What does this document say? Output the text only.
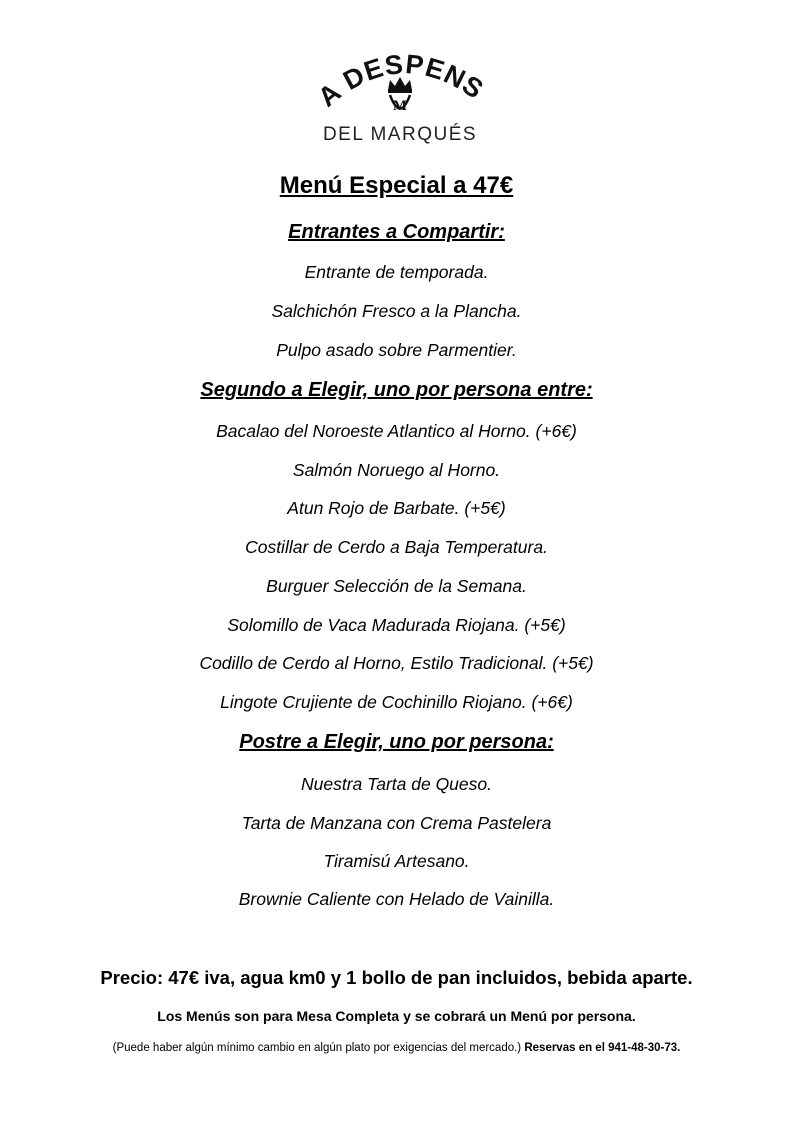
A DESPENS
M
DEL MARQUÉS
Menú Especial a 47€
Entrantes a Compartir:
Entrante de temporada.
Salchichón Fresco a la Plancha.
Pulpo asado sobre Parmentier.
Segundo a Elegir, uno por persona entre:
Bacalao del Noroeste Atlantico al Horno. (+6€)
Salmón Noruego al Horno.
Atun Rojo de Barbate. (+5€)
Costillar de Cerdo a Baja Temperatura.
Burguer Selección de la Semana.
Solomillo de Vaca Madurada Riojana. (+5€)
Codillo de Cerdo al Horno, Estilo Tradicional. (+5€)
Lingote Crujiente de Cochinillo Riojano. (+6€)
Postre a Elegir, uno por persona:
Nuestra Tarta de Queso.
Tarta de Manzana con Crema Pastelera
Tiramisú Artesano.
Brownie Caliente con Helado de Vainilla.
Precio: 47€ iva, agua km0 y 1 bollo de pan incluidos, bebida aparte.
Los Menús son para Mesa Completa y se cobrará un Menú por persona.
(Puede haber algún mínimo cambio en algún plato por exigencias del mercado.) Reservas en el 941-48-30-73.
